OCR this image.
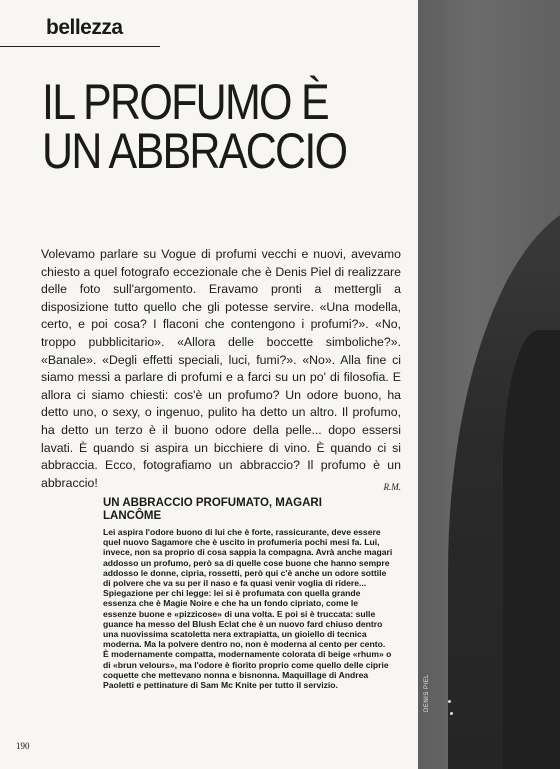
DENIS PIEL
bellezza
IL PROFUMO È UN ABBRACCIO

Volevamo parlare su Vogue di profumi vecchi e nuovi, avevamo chiesto a quel fotografo eccezionale che è Denis Piel di realizzare delle foto sull'argomento. Eravamo pronti a mettergli a disposizione tutto quello che gli potesse servire. «Una modella, certo, e poi cosa? I flaconi che contengono i profumi?». «No, troppo pubblicitario». «Allora delle boccette simboliche?». «Banale». «Degli effetti speciali, luci, fumi?». «No». Alla fine ci siamo messi a parlare di profumi e a farci su un po' di filosofia. E allora ci siamo chiesti: cos'è un profumo? Un odore buono, ha detto uno, o sexy, o ingenuo, pulito ha detto un altro. Il profumo, ha detto un terzo è il buono odore della pelle... dopo essersi lavati. È quando si aspira un bicchiere di vino. È quando ci si abbraccia. Ecco, fotografiamo un abbraccio? Il profumo è un abbraccio!	R.M.

UN ABBRACCIO PROFUMATO, MAGARI LANCÔME

Lei aspira l'odore buono di lui che è forte, rassicurante, deve essere quel nuovo Sagamore che è uscito in profumeria pochi mesi fa. Lui, invece, non sa proprio di cosa sappia la compagna. Avrà anche magari addosso un profumo, però sa di quelle cose buone che hanno sempre addosso le donne, cipria, rossetti, però qui c'è anche un odore sottile di polvere che va su per il naso e fa quasi venir voglia di ridere... Spiegazione per chi legge: lei si è profumata con quella grande essenza che è Magie Noire e che ha un fondo cipriato, come le essenze buone e «pizzicose» di una volta. E poi si è truccata: sulle guance ha messo del Blush Eclat che è un nuovo fard chiuso dentro una nuovissima scatoletta nera extrapiatta, un gioiello di tecnica moderna. Ma la polvere dentro no, non è moderna al cento per cento. È modernamente compatta, modernamente colorata di beige «rhum» o di «brun velours», ma l'odore è fiorito proprio come quello delle ciprie coquette che mettevano nonna e bisnonna. Maquillage di Andrea Paoletti e pettinature di Sam Mc Knite per tutto il servizio.

190
